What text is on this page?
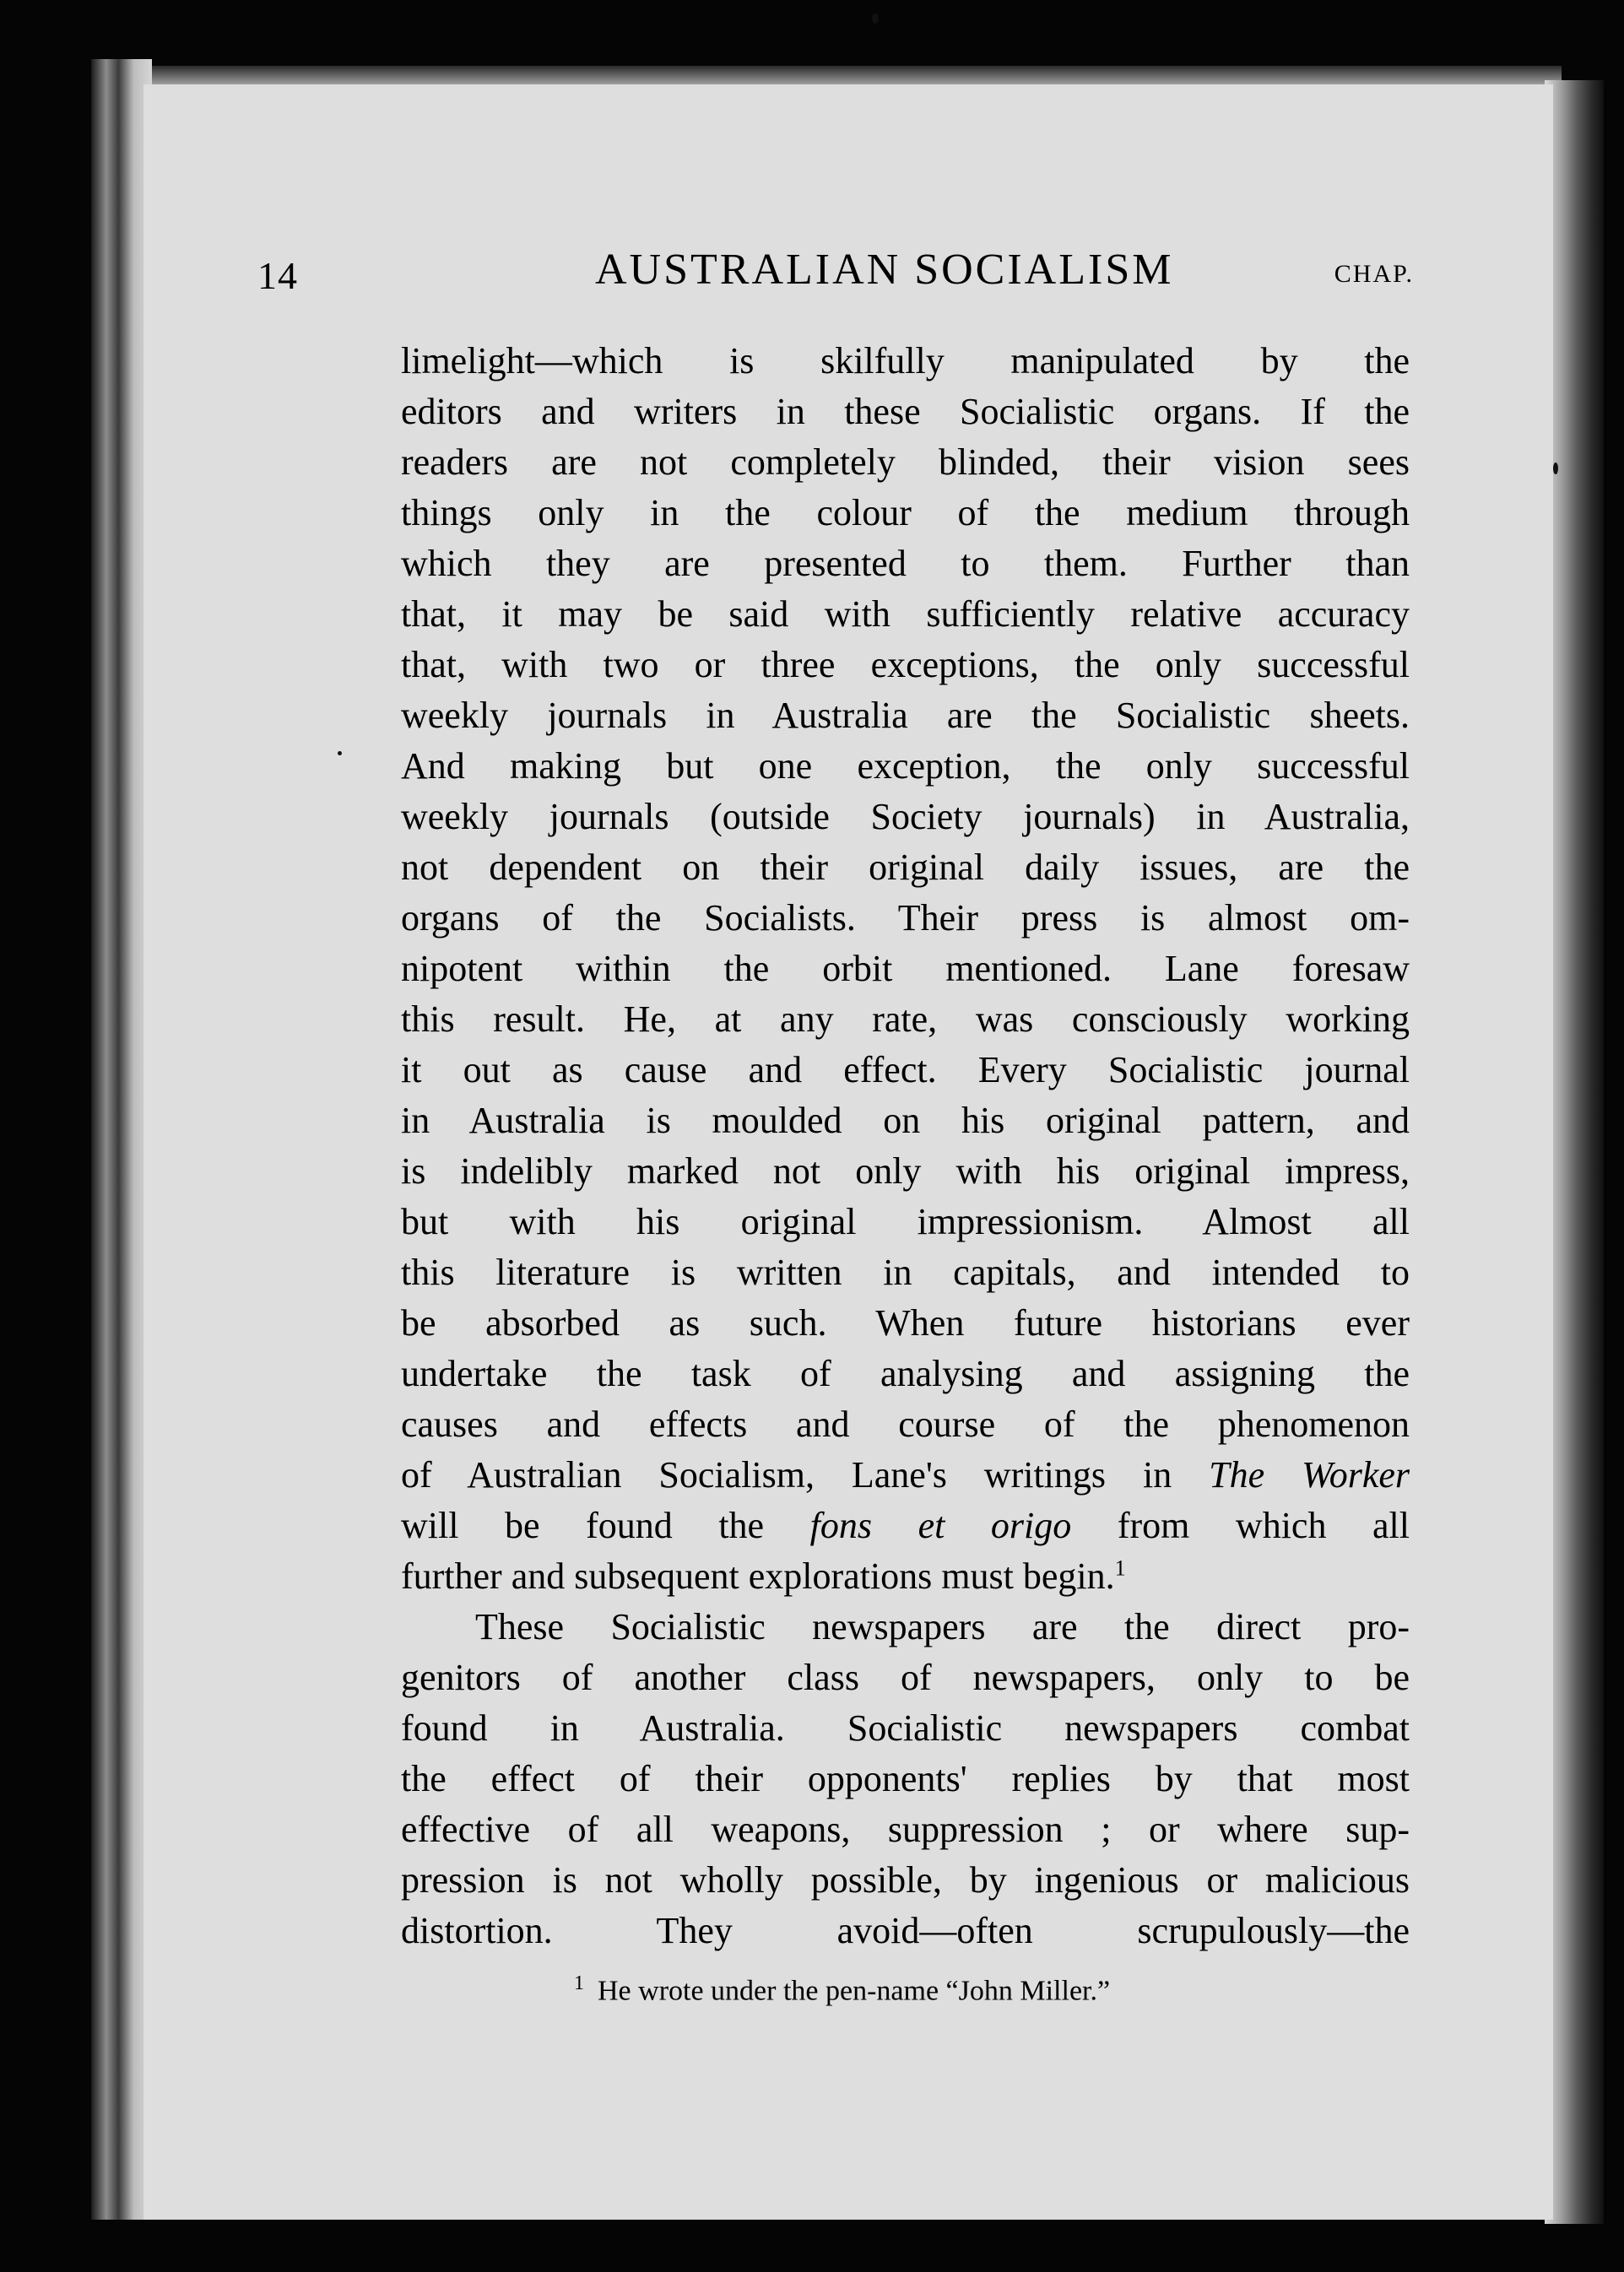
14	AUSTRALIAN SOCIALISM	CHAP.
limelight—which is skilfully manipulated by the
editors and writers in these Socialistic organs. If the
readers are not completely blinded, their vision sees
things only in the colour of the medium through
which they are presented to them. Further than
that, it may be said with sufficiently relative accuracy
that, with two or three exceptions, the only successful
weekly journals in Australia are the Socialistic sheets.
And making but one exception, the only successful
weekly journals (outside Society journals) in Australia,
not dependent on their original daily issues, are the
organs of the Socialists. Their press is almost om-
nipotent within the orbit mentioned. Lane foresaw
this result. He, at any rate, was consciously working
it out as cause and effect. Every Socialistic journal
in Australia is moulded on his original pattern, and
is indelibly marked not only with his original impress,
but with his original impressionism. Almost all
this literature is written in capitals, and intended to
be absorbed as such. When future historians ever
undertake the task of analysing and assigning the
causes and effects and course of the phenomenon
of Australian Socialism, Lane's writings in The Worker
will be found the fons et origo from which all
further and subsequent explorations must begin.$^1$
These Socialistic newspapers are the direct pro-
genitors of another class of newspapers, only to be
found in Australia. Socialistic newspapers combat
the effect of their opponents' replies by that most
effective of all weapons, suppression ; or where sup-
pression is not wholly possible, by ingenious or malicious
distortion. They avoid—often scrupulously—the
$^1$ He wrote under the pen-name “John Miller.”
